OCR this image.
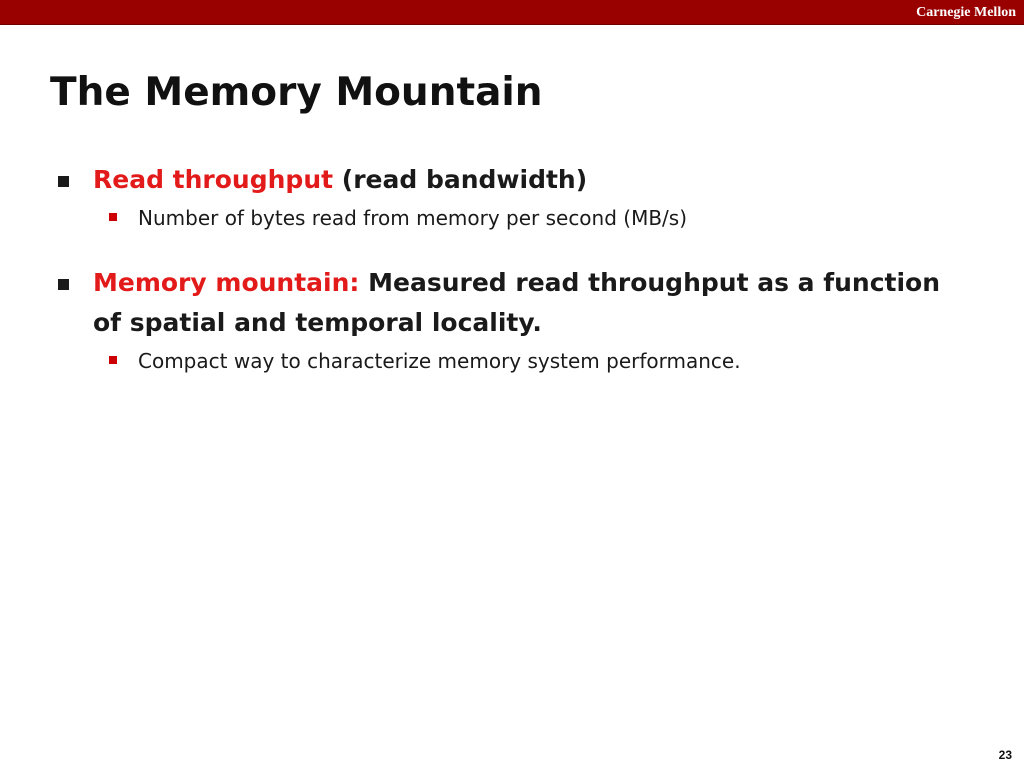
Carnegie Mellon
The Memory Mountain
Read throughput (read bandwidth)
Number of bytes read from memory per second (MB/s)
Memory mountain: Measured read throughput as a function of spatial and temporal locality.
Compact way to characterize memory system performance.
23
